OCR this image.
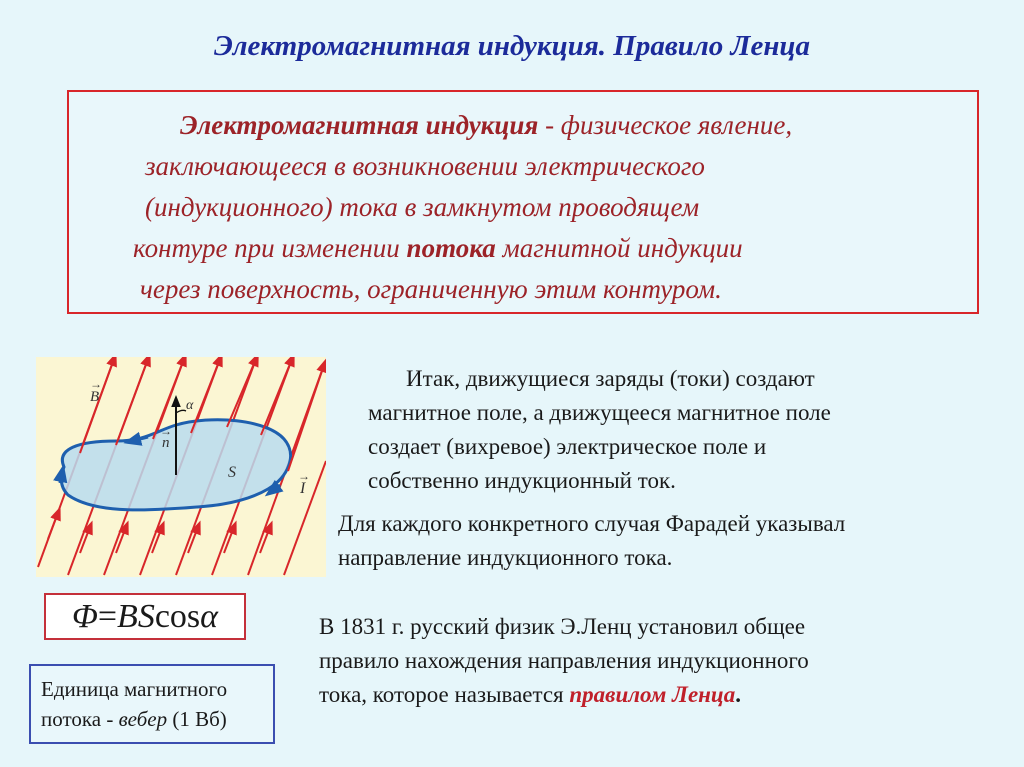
Электромагнитная индукция. Правило Ленца
Электромагнитная индукция - физическое явление,
заключающееся в возникновении электрического
(индукционного) тока в замкнутом проводящем
контуре при изменении потока магнитной индукции
через поверхность, ограниченную этим контуром.
B
→
n
→
α
S
I
→
Итак, движущиеся заряды (токи) создают
магнитное поле, а движущееся магнитное поле
создает (вихревое) электрическое поле и
собственно индукционный ток.
Для каждого конкретного случая Фарадей указывал
направление индукционного тока.
Φ = BS cos α	В 1831 г. русский физик Э.Ленц установил общее
правило нахождения направления индукционного
тока, которое называется правилом Ленца.
Единица магнитного
потока - вебер (1 Вб)
